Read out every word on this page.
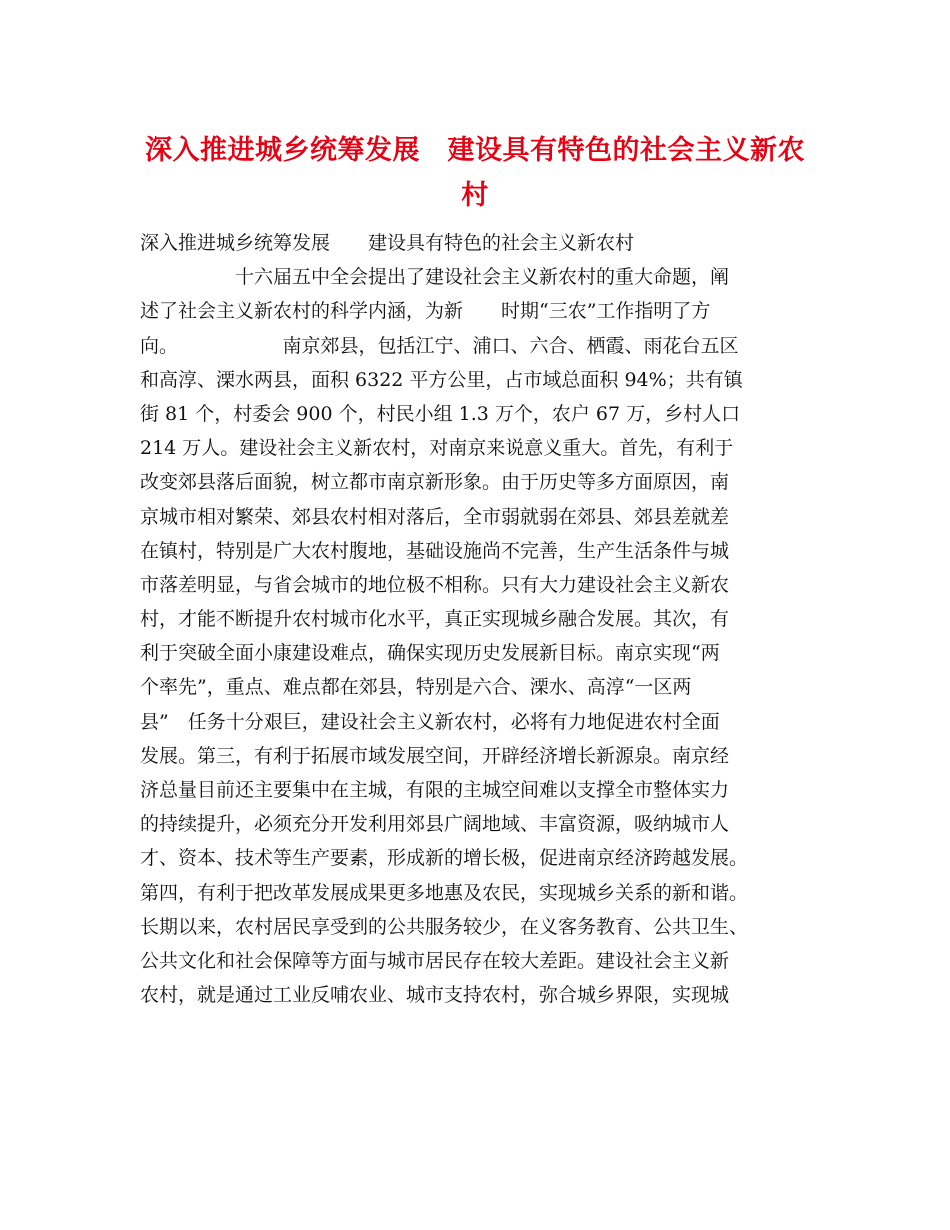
深入推进城乡统筹发展　建设具有特色的社会主义新农
村
深入推进城乡统筹发展　　建设具有特色的社会主义新农村
　　　　　十六届五中全会提出了建设社会主义新农村的重大命题，阐
述了社会主义新农村的科学内涵，为新　　时期“三农”工作指明了方
向。　　　　　　南京郊县，包括江宁、浦口、六合、栖霞、雨花台五区
和高淳、溧水两县，面积 6322 平方公里，占市域总面积 94%；共有镇
街 81 个，村委会 900 个，村民小组 1.3 万个，农户 67 万，乡村人口
214 万人。建设社会主义新农村，对南京来说意义重大。首先，有利于
改变郊县落后面貌，树立都市南京新形象。由于历史等多方面原因，南
京城市相对繁荣、郊县农村相对落后，全市弱就弱在郊县、郊县差就差
在镇村，特别是广大农村腹地，基础设施尚不完善，生产生活条件与城
市落差明显，与省会城市的地位极不相称。只有大力建设社会主义新农
村，才能不断提升农村城市化水平，真正实现城乡融合发展。其次，有
利于突破全面小康建设难点，确保实现历史发展新目标。南京实现“两
个率先”，重点、难点都在郊县，特别是六合、溧水、高淳“一区两
县”　任务十分艰巨，建设社会主义新农村，必将有力地促进农村全面
发展。第三，有利于拓展市域发展空间，开辟经济增长新源泉。南京经
济总量目前还主要集中在主城，有限的主城空间难以支撑全市整体实力
的持续提升，必须充分开发利用郊县广阔地域、丰富资源，吸纳城市人
才、资本、技术等生产要素，形成新的增长极，促进南京经济跨越发展。
第四，有利于把改革发展成果更多地惠及农民，实现城乡关系的新和谐。
长期以来，农村居民享受到的公共服务较少，在义客务教育、公共卫生、
公共文化和社会保障等方面与城市居民存在较大差距。建设社会主义新
农村，就是通过工业反哺农业、城市支持农村，弥合城乡界限，实现城
